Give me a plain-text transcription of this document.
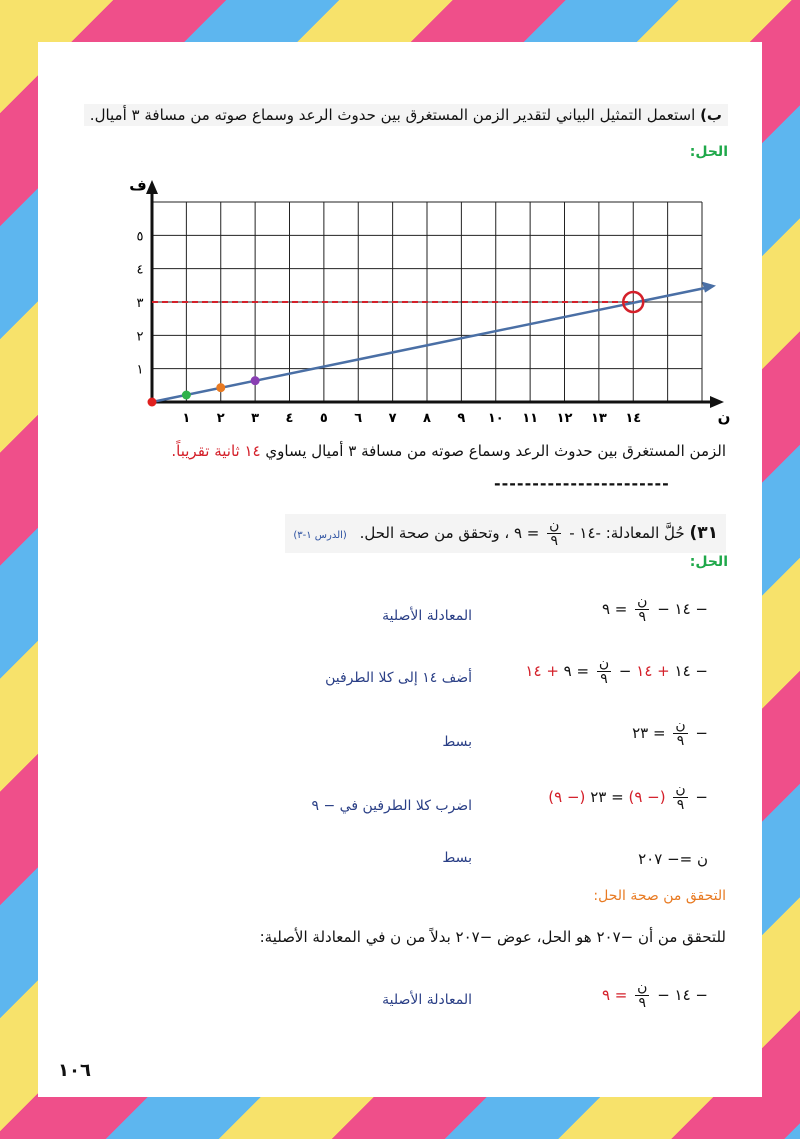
ب) استعمل التمثيل البياني لتقدير الزمن المستغرق بين حدوث الرعد وسماع صوته من مسافة ٣ أميال.
الحل:
ن
ف
١ ٢ ٣ ٤ ٥ ٦ ٧ ٨ ٩ ١٠ ١١ ١٢ ١٣ ١٤
١
٢
٣
٤
٥
الزمن المستغرق بين حدوث الرعد وسماع صوته من مسافة ٣ أميال يساوي ١٤ ثانية تقريباً.
-----------------------
٣١) حُلَّ المعادلة: -١٤ -
$\frac{\text{ن}}{٩}$
= ٩ ، وتحقق من صحة الحل. (الدرس ١-٣)
الحل:
− ١٤ −
$\frac{\text{ن}}{٩}$
= ٩
المعادلة الأصلية
− ١٤ + ١٤ −
$\frac{\text{ن}}{٩}$
= ٩ + ١٤
أضف ١٤ إلى كلا الطرفين
−
$\frac{\text{ن}}{٩}$
= ٢٣
بسط
−
$\frac{\text{ن}}{٩}$
(− ٩) = ٢٣ (− ٩)
اضرب كلا الطرفين في − ٩
ن =− ٢٠٧
بسط
التحقق من صحة الحل:
للتحقق من أن −٢٠٧ هو الحل، عوض −٢٠٧ بدلاً من ن في المعادلة الأصلية:
− ١٤ −
$\frac{\text{ن}}{٩}$
= ٩
المعادلة الأصلية
١٠٦
